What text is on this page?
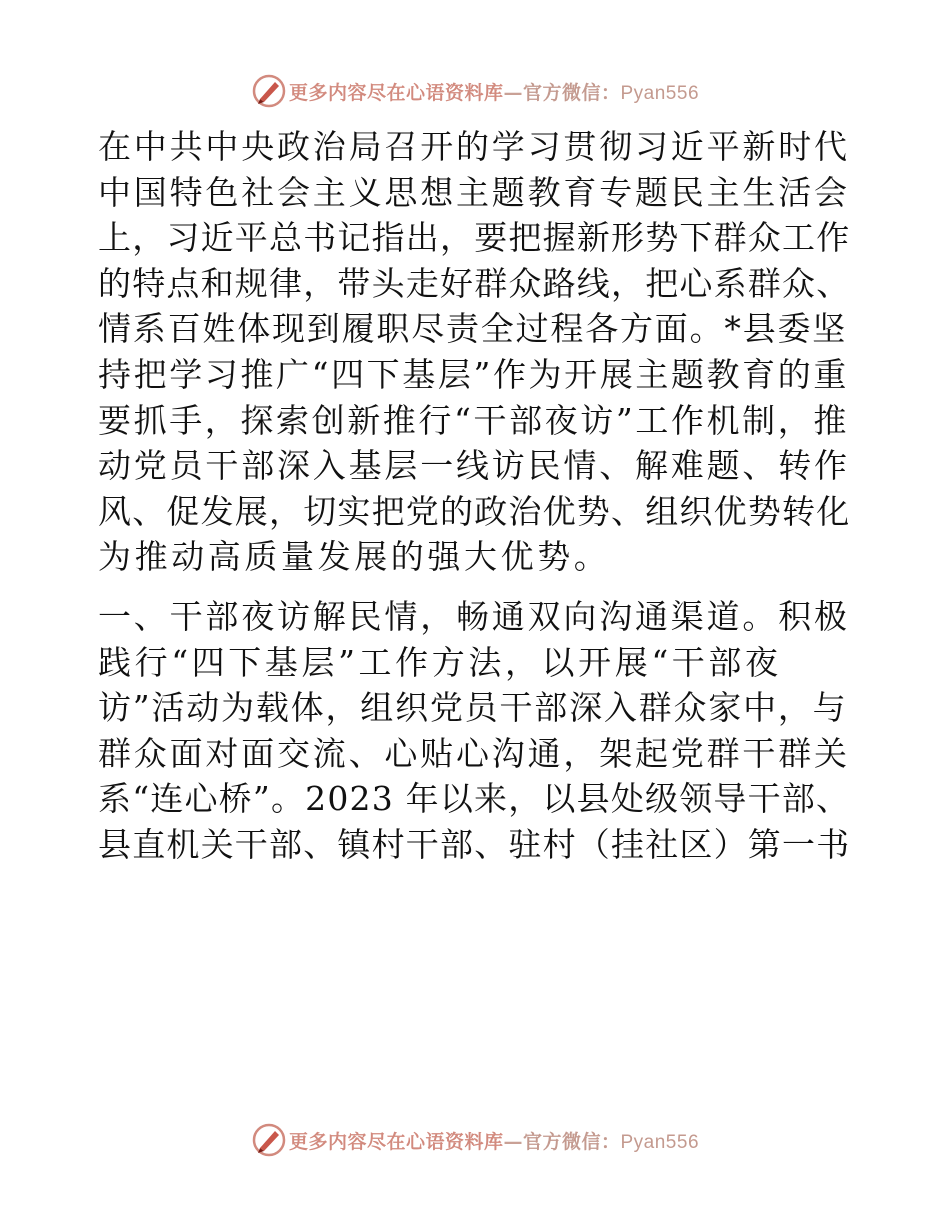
更多内容尽在心语资料库—官方微信：Pyan556

在中共中央政治局召开的学习贯彻习近平新时代
中国特色社会主义思想主题教育专题民主生活会
上，习近平总书记指出，要把握新形势下群众工作
的特点和规律，带头走好群众路线，把心系群众、
情系百姓体现到履职尽责全过程各方面。*县委坚
持把学习推广“四下基层”作为开展主题教育的重
要抓手，探索创新推行“干部夜访”工作机制，推
动党员干部深入基层一线访民情、解难题、转作
风、促发展，切实把党的政治优势、组织优势转化
为推动高质量发展的强大优势。

一、干部夜访解民情，畅通双向沟通渠道。积极
践行“四下基层”工作方法，以开展“干部夜
访”活动为载体，组织党员干部深入群众家中，与
群众面对面交流、心贴心沟通，架起党群干群关
系“连心桥”。2023 年以来，以县处级领导干部、
县直机关干部、镇村干部、驻村（挂社区）第一书

更多内容尽在心语资料库—官方微信：Pyan556
